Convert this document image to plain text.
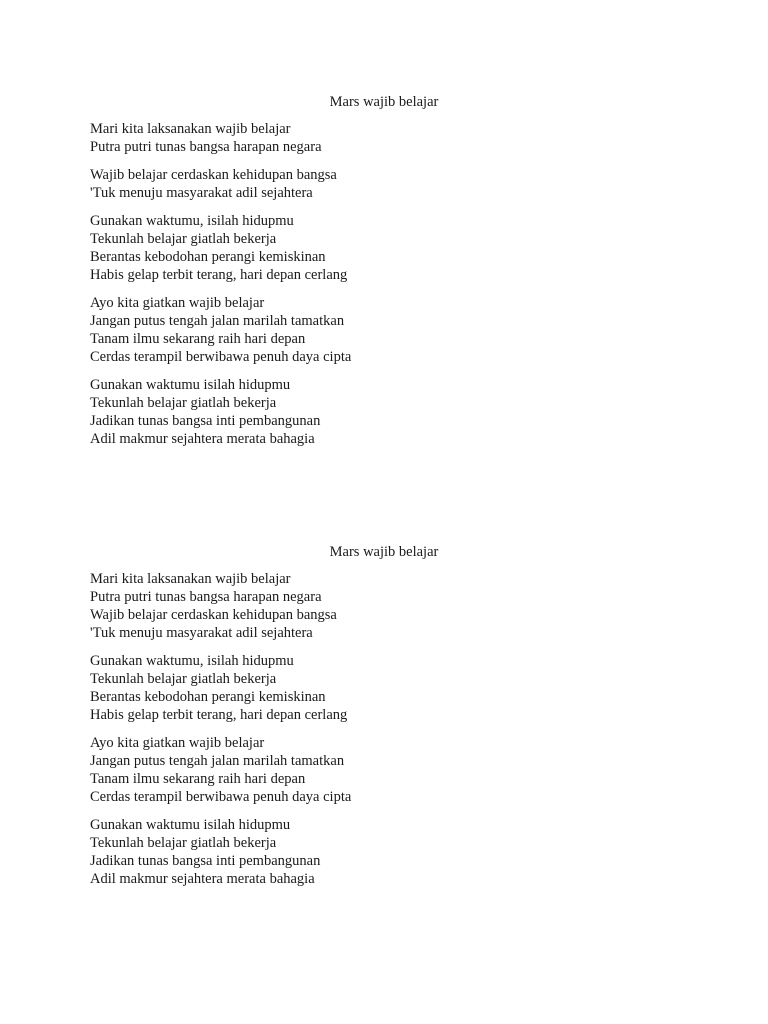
Mars wajib belajar
Mari kita laksanakan wajib belajar
Putra putri tunas bangsa harapan negara
Wajib belajar cerdaskan kehidupan bangsa
'Tuk menuju masyarakat adil sejahtera
Gunakan waktumu, isilah hidupmu
Tekunlah belajar giatlah bekerja
Berantas kebodohan perangi kemiskinan
Habis gelap terbit terang, hari depan cerlang
Ayo kita giatkan wajib belajar
Jangan putus tengah jalan marilah tamatkan
Tanam ilmu sekarang raih hari depan
Cerdas terampil berwibawa penuh daya cipta
Gunakan waktumu isilah hidupmu
Tekunlah belajar giatlah bekerja
Jadikan tunas bangsa inti pembangunan
Adil makmur sejahtera merata bahagia
Mars wajib belajar
Mari kita laksanakan wajib belajar
Putra putri tunas bangsa harapan negara
Wajib belajar cerdaskan kehidupan bangsa
'Tuk menuju masyarakat adil sejahtera
Gunakan waktumu, isilah hidupmu
Tekunlah belajar giatlah bekerja
Berantas kebodohan perangi kemiskinan
Habis gelap terbit terang, hari depan cerlang
Ayo kita giatkan wajib belajar
Jangan putus tengah jalan marilah tamatkan
Tanam ilmu sekarang raih hari depan
Cerdas terampil berwibawa penuh daya cipta
Gunakan waktumu isilah hidupmu
Tekunlah belajar giatlah bekerja
Jadikan tunas bangsa inti pembangunan
Adil makmur sejahtera merata bahagia
